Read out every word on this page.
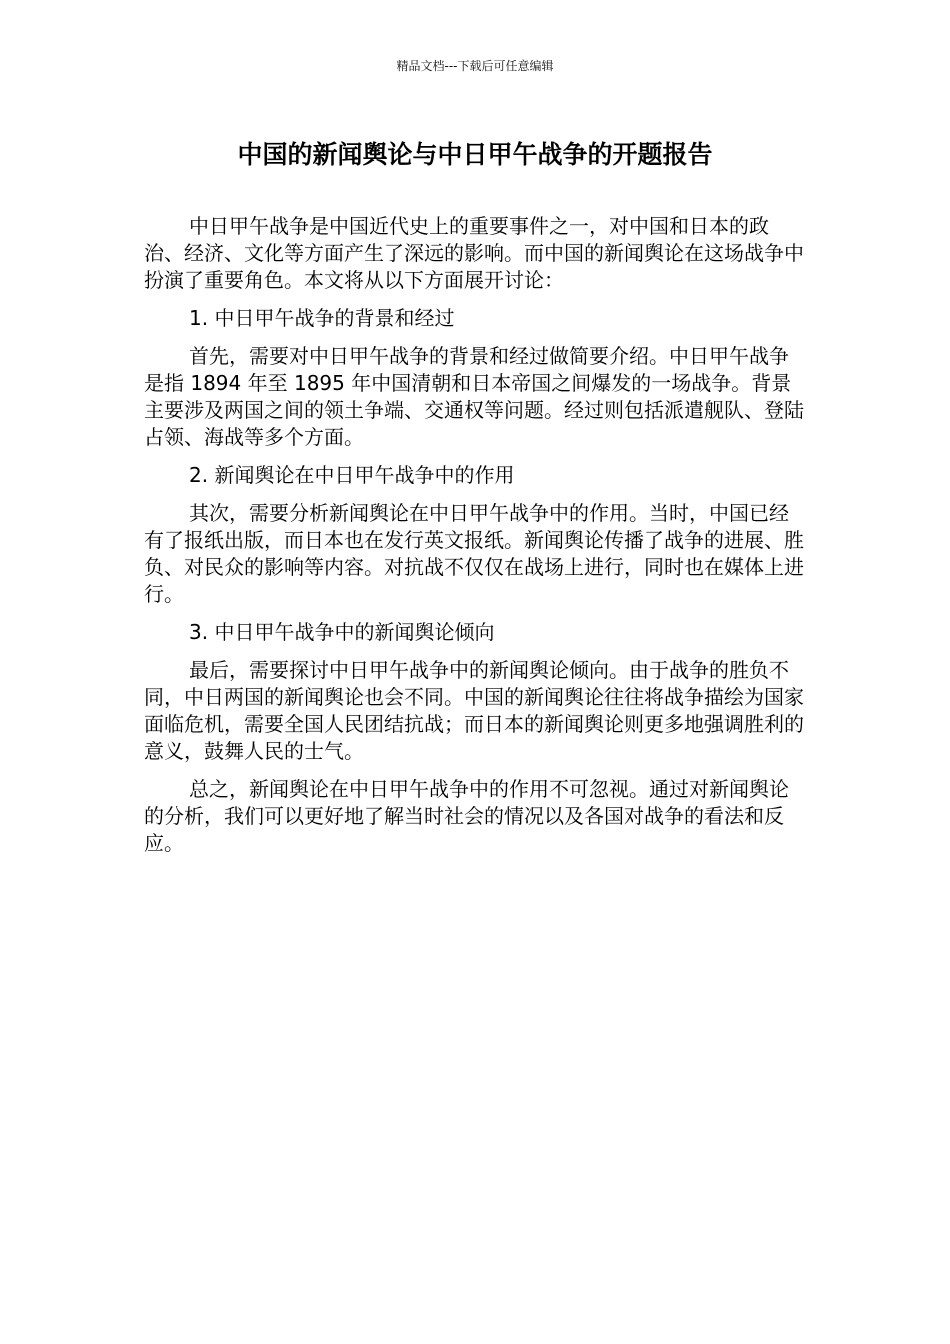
精品文档---下载后可任意编辑
中国的新闻舆论与中日甲午战争的开题报告

中日甲午战争是中国近代史上的重要事件之一，对中国和日本的政治、经济、文化等方面产生了深远的影响。而中国的新闻舆论在这场战争中扮演了重要角色。本文将从以下方面展开讨论：

1. 中日甲午战争的背景和经过

首先，需要对中日甲午战争的背景和经过做简要介绍。中日甲午战争是指 1894 年至 1895 年中国清朝和日本帝国之间爆发的一场战争。背景主要涉及两国之间的领土争端、交通权等问题。经过则包括派遣舰队、登陆占领、海战等多个方面。

2. 新闻舆论在中日甲午战争中的作用

其次，需要分析新闻舆论在中日甲午战争中的作用。当时，中国已经有了报纸出版，而日本也在发行英文报纸。新闻舆论传播了战争的进展、胜负、对民众的影响等内容。对抗战不仅仅在战场上进行，同时也在媒体上进行。

3. 中日甲午战争中的新闻舆论倾向

最后，需要探讨中日甲午战争中的新闻舆论倾向。由于战争的胜负不同，中日两国的新闻舆论也会不同。中国的新闻舆论往往将战争描绘为国家面临危机，需要全国人民团结抗战；而日本的新闻舆论则更多地强调胜利的意义，鼓舞人民的士气。

总之，新闻舆论在中日甲午战争中的作用不可忽视。通过对新闻舆论的分析，我们可以更好地了解当时社会的情况以及各国对战争的看法和反应。
